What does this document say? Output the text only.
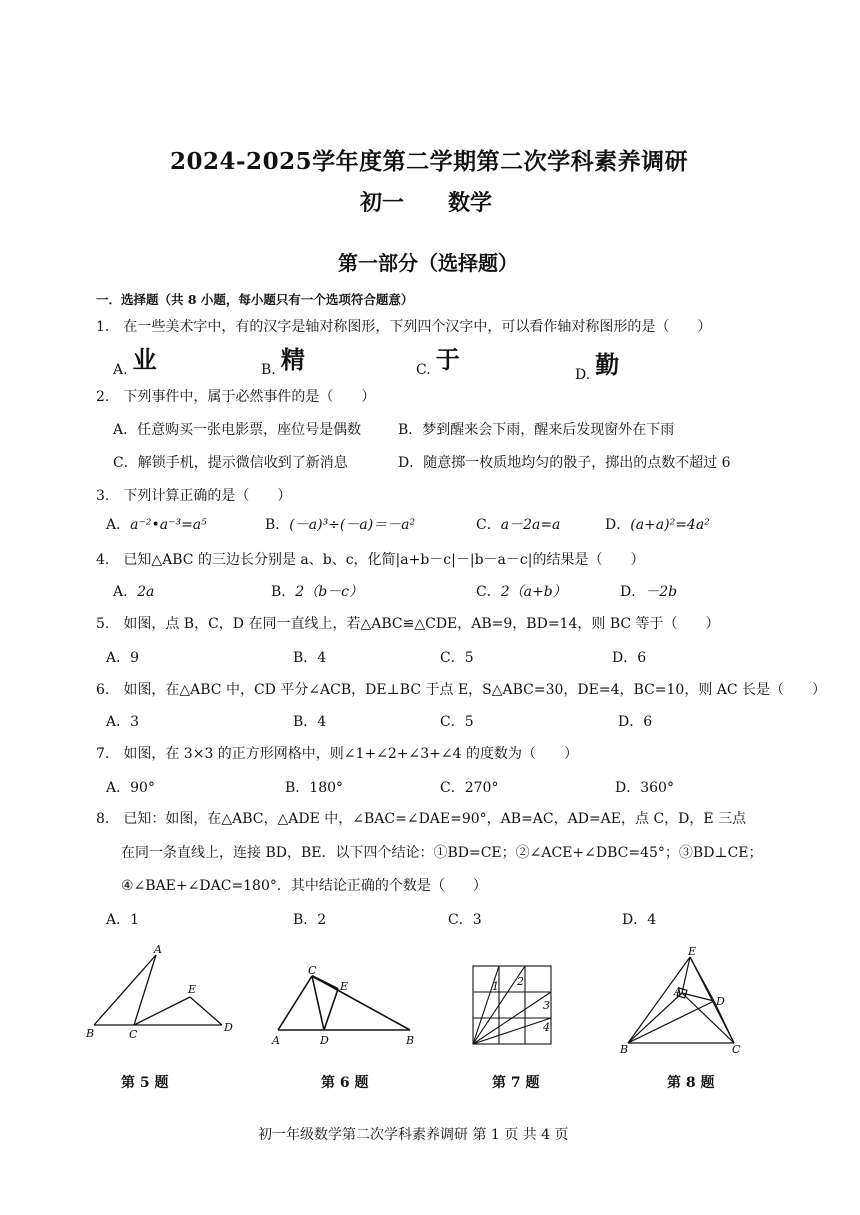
2024-2025学年度第二学期第二次学科素养调研
初一　　数学
第一部分（选择题）
一．选择题（共 8 小题，每小题只有一个选项符合题意）
1.　在一些美术字中，有的汉字是轴对称图形，下列四个汉字中，可以看作轴对称图形的是（　　）
A. 业	B. 精	C. 于
D. 勤
2.　下列事件中，属于必然事件的是（　　）
A．任意购买一张电影票，座位号是偶数	B．梦到醒来会下雨，醒来后发现窗外在下雨
C．解锁手机，提示微信收到了新消息	D．随意掷一枚质地均匀的骰子，掷出的点数不超过 6
3.　下列计算正确的是（　　）
A．a⁻²•a⁻³=a⁵	B．(－a)³÷(－a)＝－a²	C．a－2a=a	D．(a+a)²=4a²
4.　已知△ABC 的三边长分别是 a、b、c，化简|a+b－c|－|b－a－c|的结果是（　　）
A．2a	B．2（b－c）	C．2（a+b）	D．－2b
5.　如图，点 B，C，D 在同一直线上，若△ABC≌△CDE，AB=9，BD=14，则 BC 等于（　　）
A．9	B．4	C．5	D．6
6.　如图，在△ABC 中，CD 平分∠ACB，DE⊥BC 于点 E，S△ABC=30，DE=4，BC=10，则 AC 长是（　　）
A．3	B．4	C．5	D．6
7.　如图，在 3×3 的正方形网格中，则∠1+∠2+∠3+∠4 的度数为（　　）
A．90°	B．180°	C．270°	D．360°
8.　已知：如图，在△ABC，△ADE 中，∠BAC=∠DAE=90°，AB=AC，AD=AE，点 C，D，E 三点
在同一条直线上，连接 BD，BE．以下四个结论：①BD=CE；②∠ACE+∠DBC=45°；③BD⊥CE；
④∠BAE+∠DAC=180°．其中结论正确的个数是（　　）
A．1	B．2	C．3	D．4
A
B	C
D
E
第 5 题
C
E
A	D	B
第 6 题
1 2
3
4
第 7 题
E
A
D
B	C
第 8 题
初一年级数学第二次学科素养调研 第 1 页 共 4 页
